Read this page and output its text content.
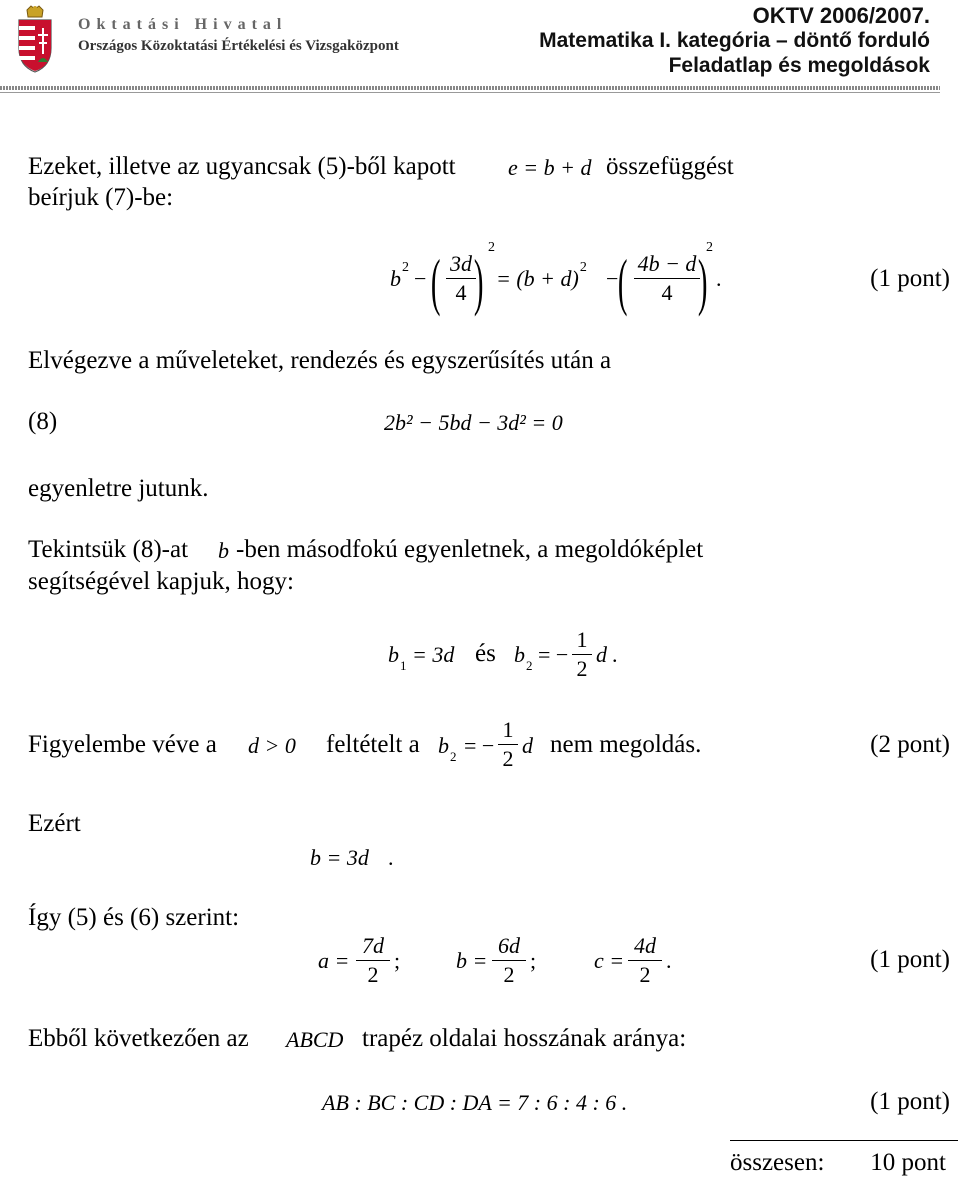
O k t a t á s i   H i v a t a l
Országos Közoktatási Értékelési és Vizsgaközpont
OKTV 2006/2007.
Matematika I. kategória – döntő forduló
Feladatlap és megoldások
Ezeket, illetve az ugyancsak (5)-ből kapott e = b + d összefüggést
beírjuk (7)-be:
$b^2$ − ( 3d
4 ) 2
= $(b + d)^2$ − ( 4b − d
4 )
2
.	(1 pont)
Elvégezve a műveleteket, rendezés és egyszerűsítés után a
(8)	2b² − 5bd − 3d² = 0
egyenletre jutunk.
Tekintsük (8)-at b -ben másodfokú egyenletnek, a megoldóképlet
segítségével kapjuk, hogy:
$b_1 = 3d$ és $b_2$ = −
1
2
d .
Figyelembe véve a d > 0 feltételt a $b_2$ = −
1
2
d nem megoldás.	(2 pont)
Ezért
b = 3d .
Így (5) és (6) szerint:
a =
7d
2
;	b =
6d
2
;	c =
4d
2
.	(1 pont)
Ebből következően az ABCD trapéz oldalai hosszának aránya:
AB : BC : CD : DA = 7 : 6 : 4 : 6 .	(1 pont)
összesen: 10 pont
